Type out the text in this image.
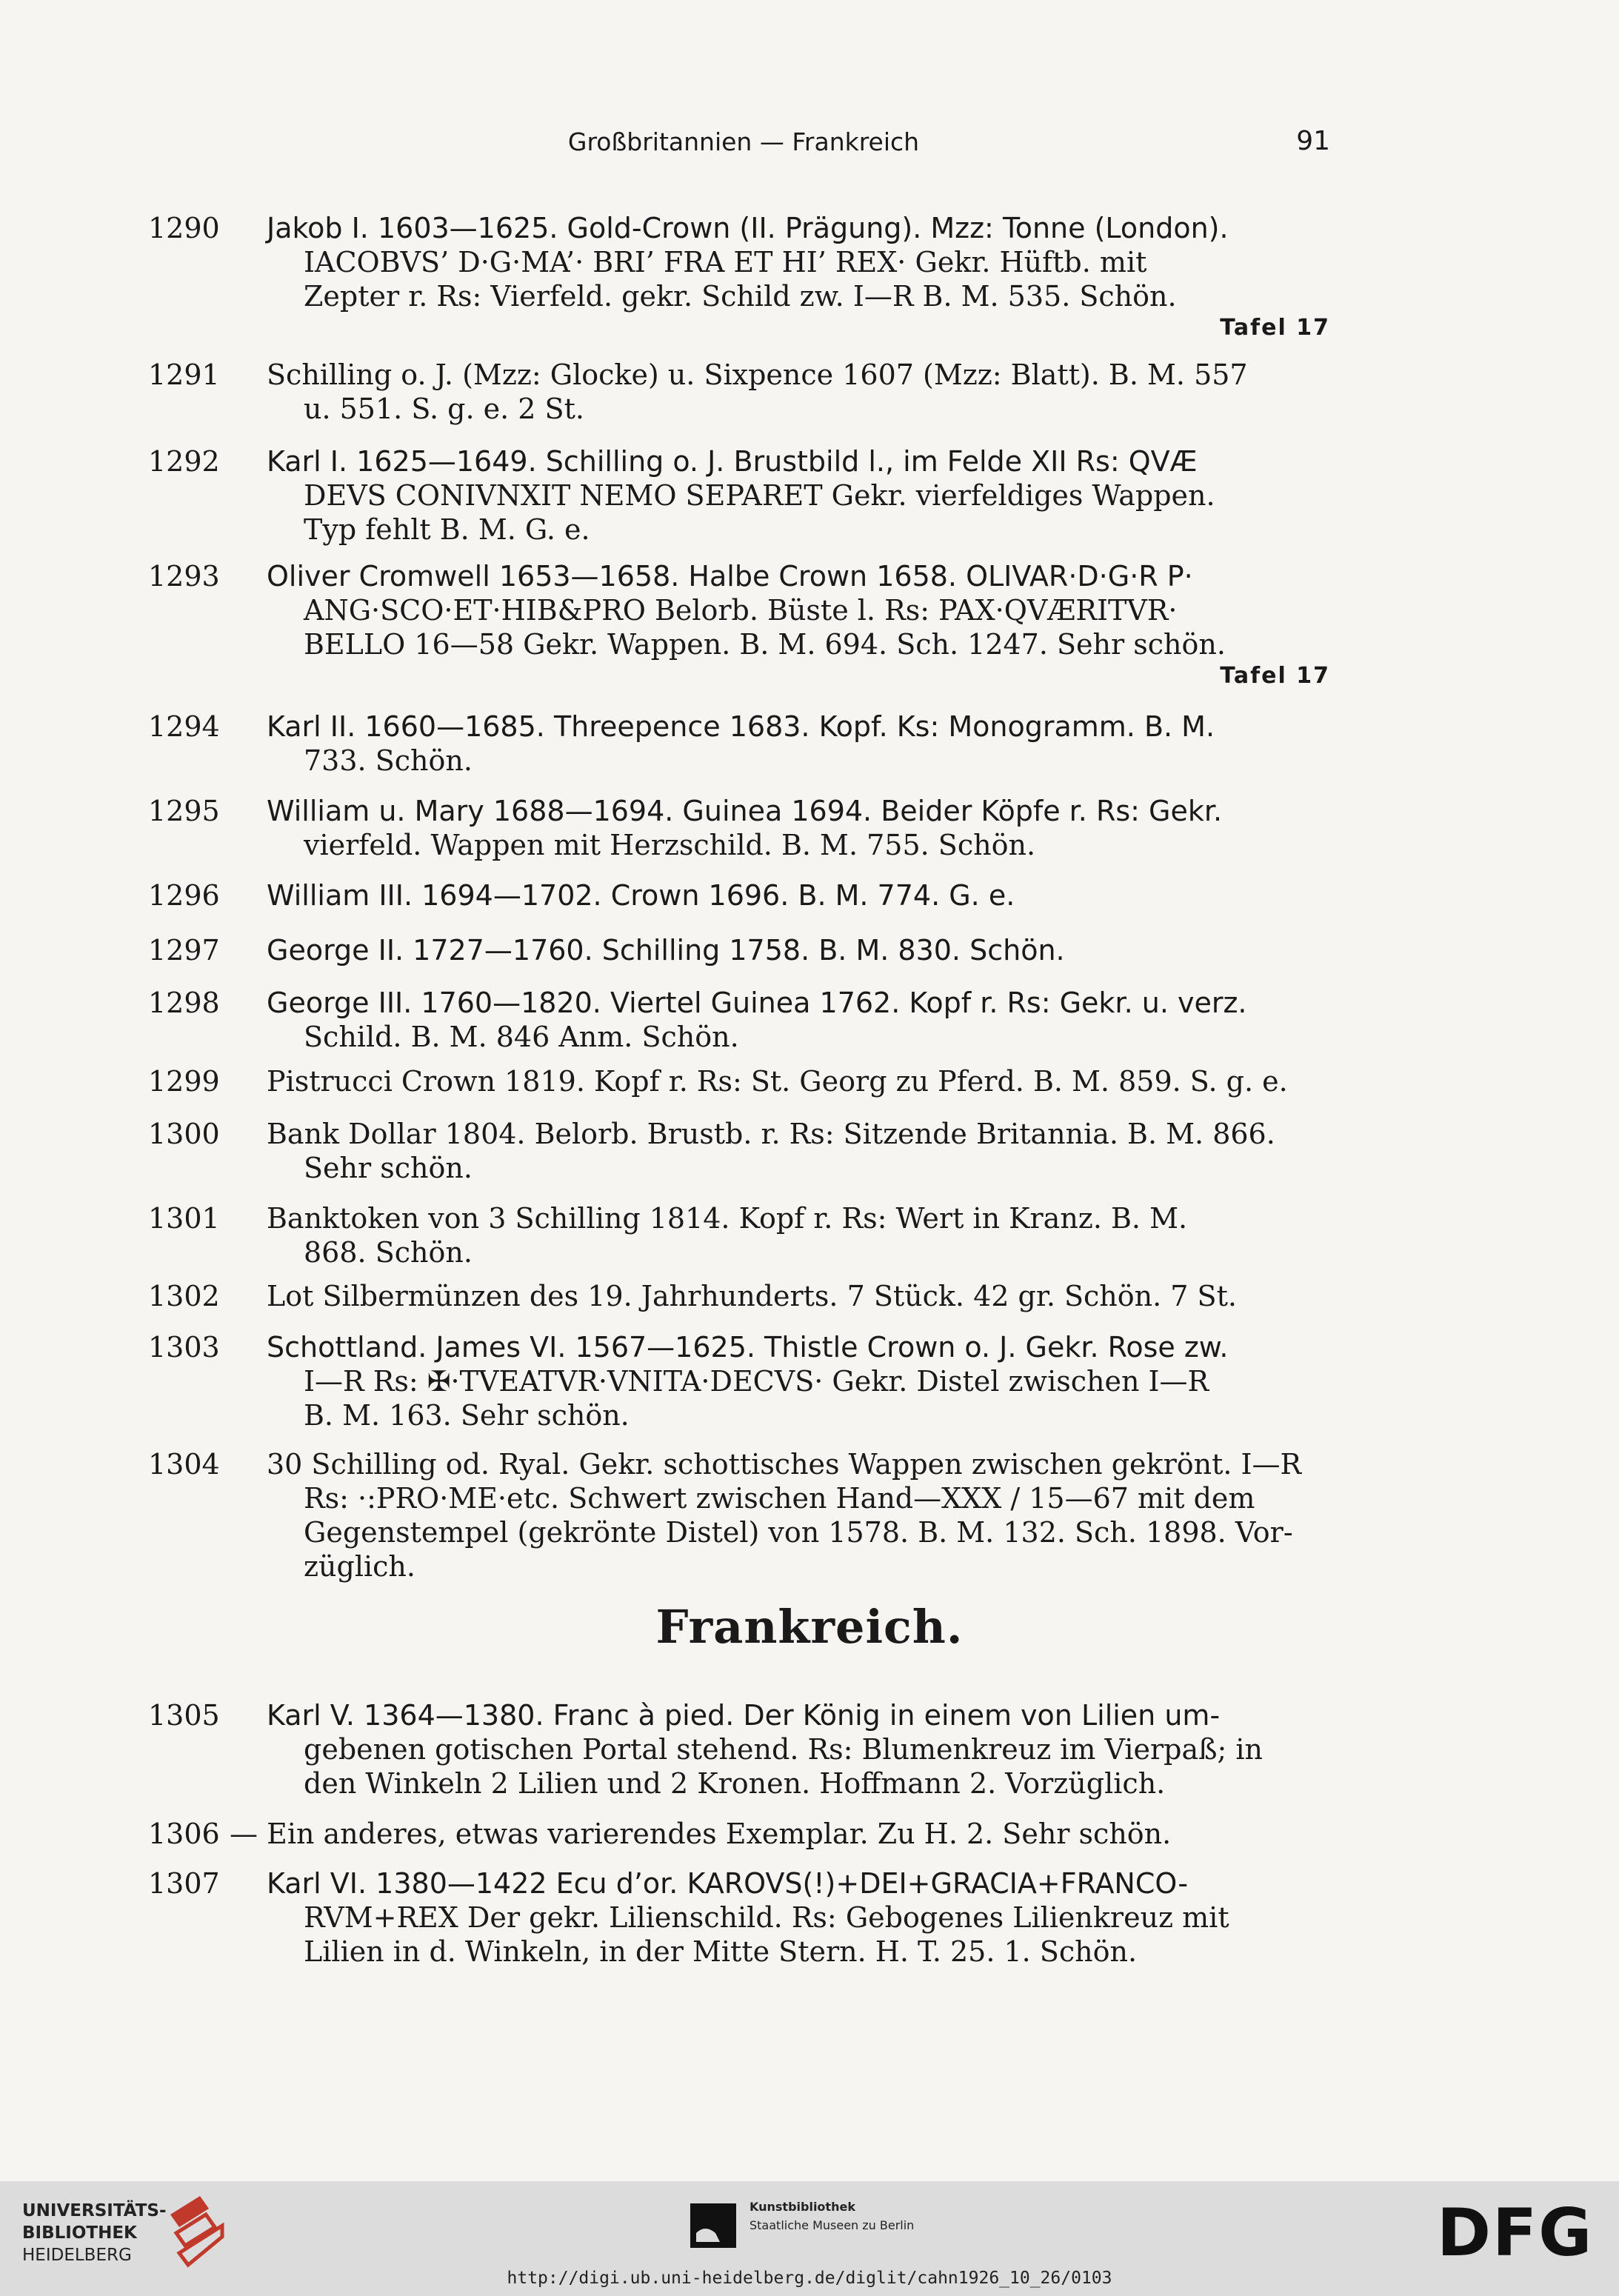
Großbritannien — Frankreich	91
1290	Jakob I. 1603—1625. Gold-Crown (II. Prägung). Mzz: Tonne (London).
IACOBVS’ D·G·MA’· BRI’ FRA ET HI’ REX· Gekr. Hüftb. mit
Zepter r. Rs: Vierfeld. gekr. Schild zw. I—R B. M. 535. Schön.
Tafel 17
1291	Schilling o. J. (Mzz: Glocke) u. Sixpence 1607 (Mzz: Blatt). B. M. 557
u. 551. S. g. e. 2 St.
1292	Karl I. 1625—1649. Schilling o. J. Brustbild l., im Felde XII Rs: QVÆ
DEVS CONIVNXIT NEMO SEPARET Gekr. vierfeldiges Wappen.
Typ fehlt B. M. G. e.
1293	Oliver Cromwell 1653—1658. Halbe Crown 1658. OLIVAR·D·G·R P·
ANG·SCO·ET·HIB&PRO Belorb. Büste l. Rs: PAX·QVÆRITVR·
BELLO 16—58 Gekr. Wappen. B. M. 694. Sch. 1247. Sehr schön.
Tafel 17
1294	Karl II. 1660—1685. Threepence 1683. Kopf. Ks: Monogramm. B. M.
733. Schön.
1295	William u. Mary 1688—1694. Guinea 1694. Beider Köpfe r. Rs: Gekr.
vierfeld. Wappen mit Herzschild. B. M. 755. Schön.
1296	William III. 1694—1702. Crown 1696. B. M. 774. G. e.
1297	George II. 1727—1760. Schilling 1758. B. M. 830. Schön.
1298	George III. 1760—1820. Viertel Guinea 1762. Kopf r. Rs: Gekr. u. verz.
Schild. B. M. 846 Anm. Schön.
1299	Pistrucci Crown 1819. Kopf r. Rs: St. Georg zu Pferd. B. M. 859. S. g. e.
1300	Bank Dollar 1804. Belorb. Brustb. r. Rs: Sitzende Britannia. B. M. 866.
Sehr schön.
1301	Banktoken von 3 Schilling 1814. Kopf r. Rs: Wert in Kranz. B. M.
868. Schön.
1302	Lot Silbermünzen des 19. Jahrhunderts. 7 Stück. 42 gr. Schön. 7 St.
1303	Schottland. James VI. 1567—1625. Thistle Crown o. J. Gekr. Rose zw.
I—R Rs: ✠·TVEATVR·VNITA·DECVS· Gekr. Distel zwischen I—R
B. M. 163. Sehr schön.
1304	30 Schilling od. Ryal. Gekr. schottisches Wappen zwischen gekrönt. I—R
Rs: ·:PRO·ME·etc. Schwert zwischen Hand—XXX / 15—67 mit dem
Gegenstempel (gekrönte Distel) von 1578. B. M. 132. Sch. 1898. Vor-
züglich.
Frankreich.
1305	Karl V. 1364—1380. Franc à pied. Der König in einem von Lilien um-
gebenen gotischen Portal stehend. Rs: Blumenkreuz im Vierpaß; in
den Winkeln 2 Lilien und 2 Kronen. Hoffmann 2. Vorzüglich.
1306 — Ein anderes, etwas varierendes Exemplar. Zu H. 2. Sehr schön.
1307	Karl VI. 1380—1422 Ecu d’or. KAROVS(!)+DEI+GRACIA+FRANCO-
RVM+REX Der gekr. Lilienschild. Rs: Gebogenes Lilienkreuz mit
Lilien in d. Winkeln, in der Mitte Stern. H. T. 25. 1. Schön.
UNIVERSITÄTS-
BIBLIOTHEK
HEIDELBERG
Kunstbibliothek
Staatliche Museen zu Berlin	DFG
http://digi.ub.uni-heidelberg.de/diglit/cahn1926_10_26/0103
